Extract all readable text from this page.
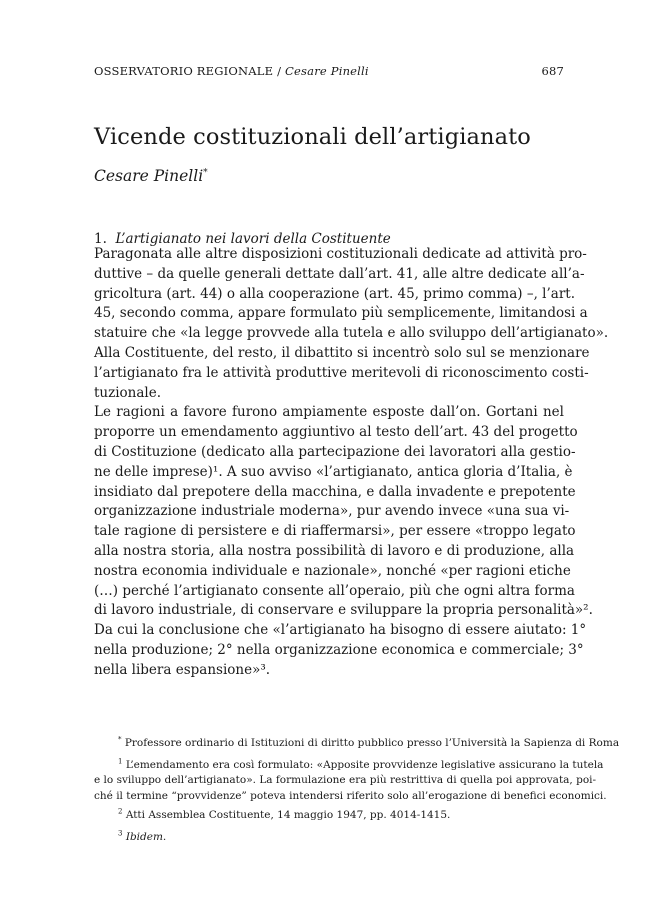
OSSERVATORIO REGIONALE / Cesare Pinelli	687
Vicende costituzionali dell’artigianato
Cesare Pinelli*
1. L’artigianato nei lavori della Costituente
Paragonata alle altre disposizioni costituzionali dedicate ad attività pro-
duttive – da quelle generali dettate dall’art. 41, alle altre dedicate all’a-
gricoltura (art. 44) o alla cooperazione (art. 45, primo comma) –, l’art.
45, secondo comma, appare formulato più semplicemente, limitandosi a
statuire che «la legge provvede alla tutela e allo sviluppo dell’artigianato».
Alla Costituente, del resto, il dibattito si incentrò solo sul se menzionare
l’artigianato fra le attività produttive meritevoli di riconoscimento costi-
tuzionale.
Le ragioni a favore furono ampiamente esposte dall’on. Gortani nel
proporre un emendamento aggiuntivo al testo dell’art. 43 del progetto
di Costituzione (dedicato alla partecipazione dei lavoratori alla gestio-
ne delle imprese)¹. A suo avviso «l’artigianato, antica gloria d’Italia, è
insidiato dal prepotere della macchina, e dalla invadente e prepotente
organizzazione industriale moderna», pur avendo invece «una sua vi-
tale ragione di persistere e di riaffermarsi», per essere «troppo legato
alla nostra storia, alla nostra possibilità di lavoro e di produzione, alla
nostra economia individuale e nazionale», nonché «per ragioni etiche
(…) perché l’artigianato consente all’operaio, più che ogni altra forma
di lavoro industriale, di conservare e sviluppare la propria personalità»².
Da cui la conclusione che «l’artigianato ha bisogno di essere aiutato: 1°
nella produzione; 2° nella organizzazione economica e commerciale; 3°
nella libera espansione»³.
* Professore ordinario di Istituzioni di diritto pubblico presso l’Università la Sapienza di Roma
$^1$ L’emendamento era così formulato: «Apposite provvidenze legislative assicurano la tutela
e lo sviluppo dell’artigianato». La formulazione era più restrittiva di quella poi approvata, poi-
ché il termine “provvidenze” poteva intendersi riferito solo all’erogazione di benefici economici.
$^2$ Atti Assemblea Costituente, 14 maggio 1947, pp. 4014-1415.
$^3$ Ibidem.
